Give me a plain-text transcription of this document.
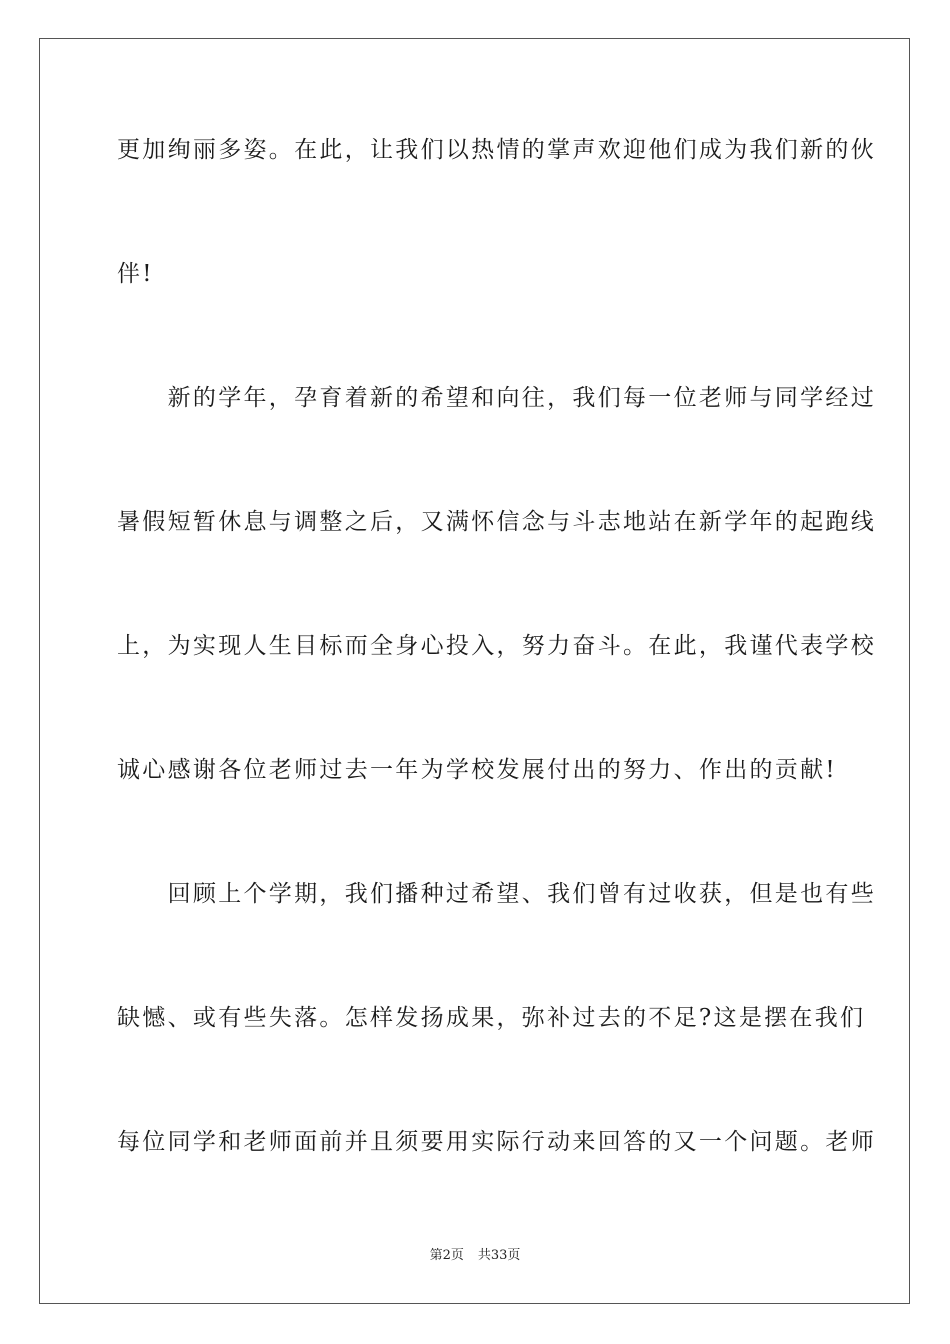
更加绚丽多姿。在此，让我们以热情的掌声欢迎他们成为我们新的伙
伴!
　　新的学年，孕育着新的希望和向往，我们每一位老师与同学经过
暑假短暂休息与调整之后，又满怀信念与斗志地站在新学年的起跑线
上，为实现人生目标而全身心投入，努力奋斗。在此，我谨代表学校
诚心感谢各位老师过去一年为学校发展付出的努力、作出的贡献!
　　回顾上个学期，我们播种过希望、我们曾有过收获，但是也有些
缺憾、或有些失落。怎样发扬成果，弥补过去的不足?这是摆在我们
每位同学和老师面前并且须要用实际行动来回答的又一个问题。老师
第2页 共33页
